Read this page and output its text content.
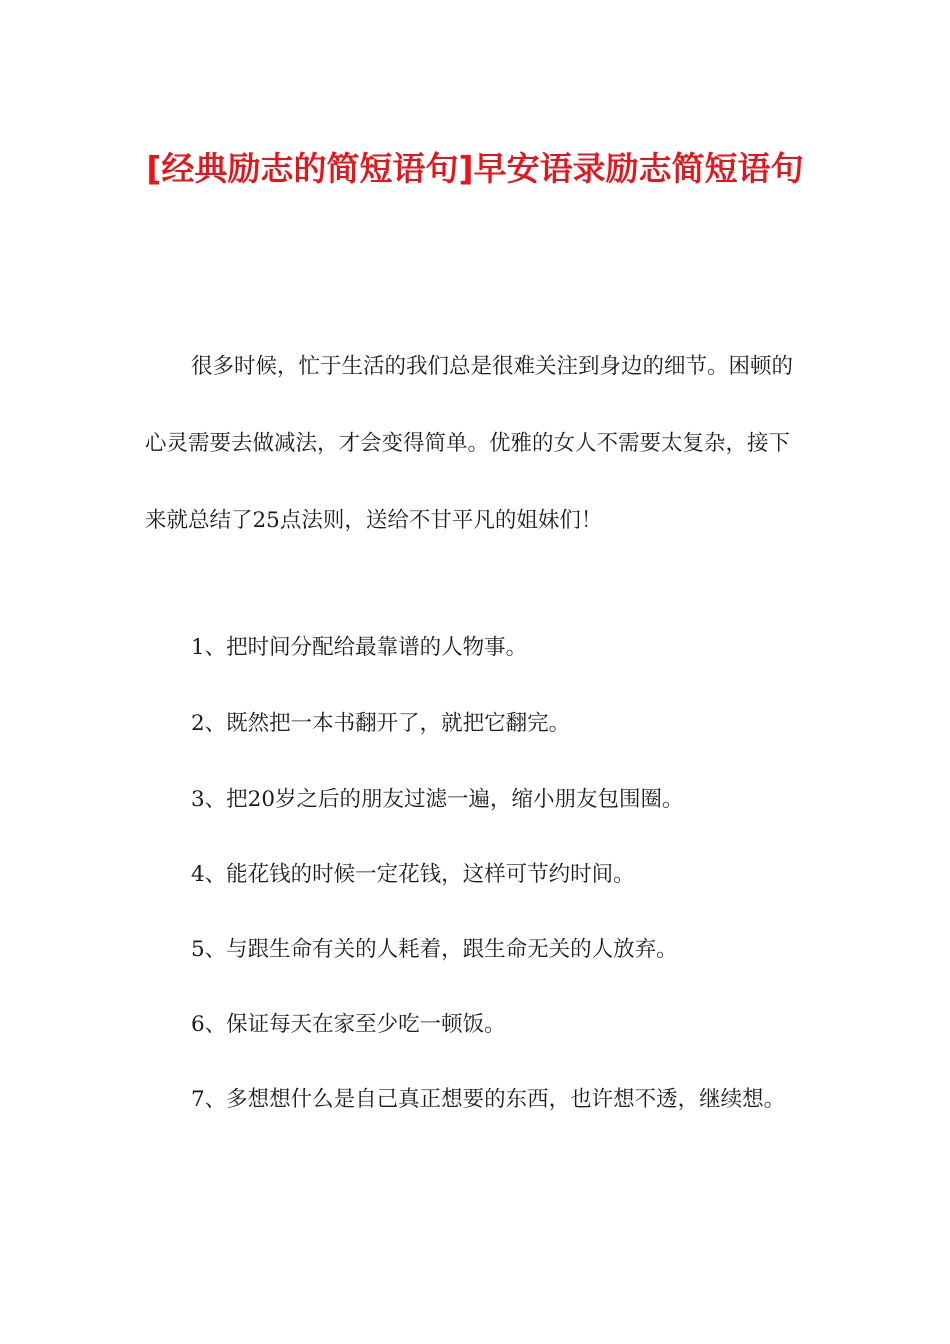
[经典励志的简短语句]早安语录励志简短语句

很多时候，忙于生活的我们总是很难关注到身边的细节。困顿的心灵需要去做减法，才会变得简单。优雅的女人不需要太复杂，接下来就总结了25点法则，送给不甘平凡的姐妹们！

1、把时间分配给最靠谱的人物事。

2、既然把一本书翻开了，就把它翻完。

3、把20岁之后的朋友过滤一遍，缩小朋友包围圈。

4、能花钱的时候一定花钱，这样可节约时间。

5、与跟生命有关的人耗着，跟生命无关的人放弃。

6、保证每天在家至少吃一顿饭。

7、多想想什么是自己真正想要的东西，也许想不透，继续想。
